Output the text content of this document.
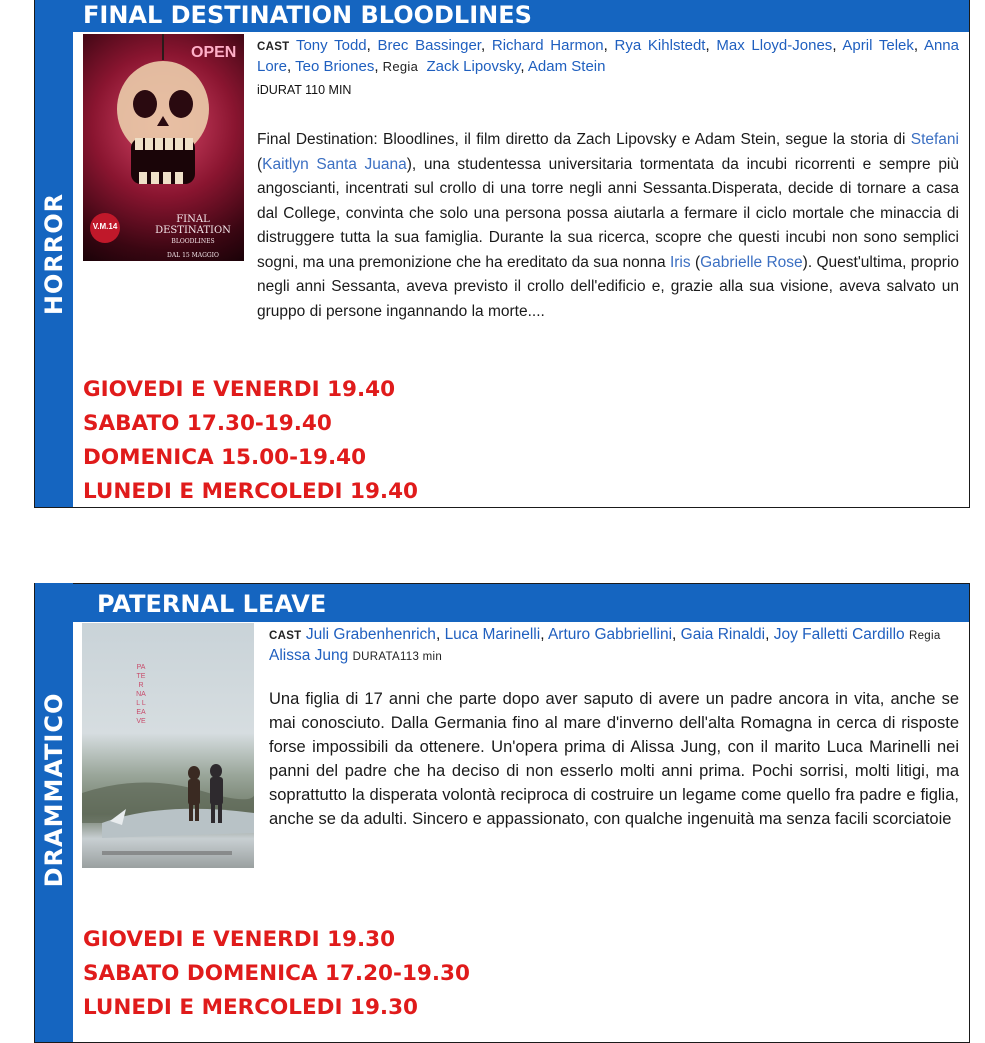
HORROR
FINAL DESTINATION BLOODLINES
OPEN
V.M.14
FINAL
DESTINATION
BLOODLINES
DAL 15 MAGGIO
CAST Tony Todd, Brec Bassinger, Richard Harmon, Rya Kihlstedt, Max Lloyd-Jones, April Telek, Anna Lore, Teo Briones, Regia Zack Lipovsky, Adam Stein
iDURAT 110 MIN
Final Destination: Bloodlines, il film diretto da Zach Lipovsky e Adam Stein, segue la storia di Stefani (Kaitlyn Santa Juana), una studentessa universitaria tormentata da incubi ricorrenti e sempre più angoscianti, incentrati sul crollo di una torre negli anni Sessanta.Disperata, decide di tornare a casa dal College, convinta che solo una persona possa aiutarla a fermare il ciclo mortale che minaccia di distruggere tutta la sua famiglia. Durante la sua ricerca, scopre che questi incubi non sono semplici sogni, ma una premonizione che ha ereditato da sua nonna Iris (Gabrielle Rose). Quest'ultima, proprio negli anni Sessanta, aveva previsto il crollo dell'edificio e, grazie alla sua visione, aveva salvato un gruppo di persone ingannando la morte....
GIOVEDI E VENERDI 19.40
SABATO 17.30-19.40
DOMENICA 15.00-19.40
LUNEDI E MERCOLEDI 19.40
DRAMMATICO
PATERNAL LEAVE
PATERNAL LEAVE
CAST Juli Grabenhenrich, Luca Marinelli, Arturo Gabbriellini, Gaia Rinaldi, Joy Falletti Cardillo Regia Alissa Jung DURATA113 min
Una figlia di 17 anni che parte dopo aver saputo di avere un padre ancora in vita, anche se mai conosciuto. Dalla Germania fino al mare d'inverno dell'alta Romagna in cerca di risposte forse impossibili da ottenere. Un'opera prima di Alissa Jung, con il marito Luca Marinelli nei panni del padre che ha deciso di non esserlo molti anni prima. Pochi sorrisi, molti litigi, ma soprattutto la disperata volontà reciproca di costruire un legame come quello fra padre e figlia, anche se da adulti. Sincero e appassionato, con qualche ingenuità ma senza facili scorciatoie
GIOVEDI E VENERDI 19.30
SABATO DOMENICA 17.20-19.30
LUNEDI E MERCOLEDI 19.30
